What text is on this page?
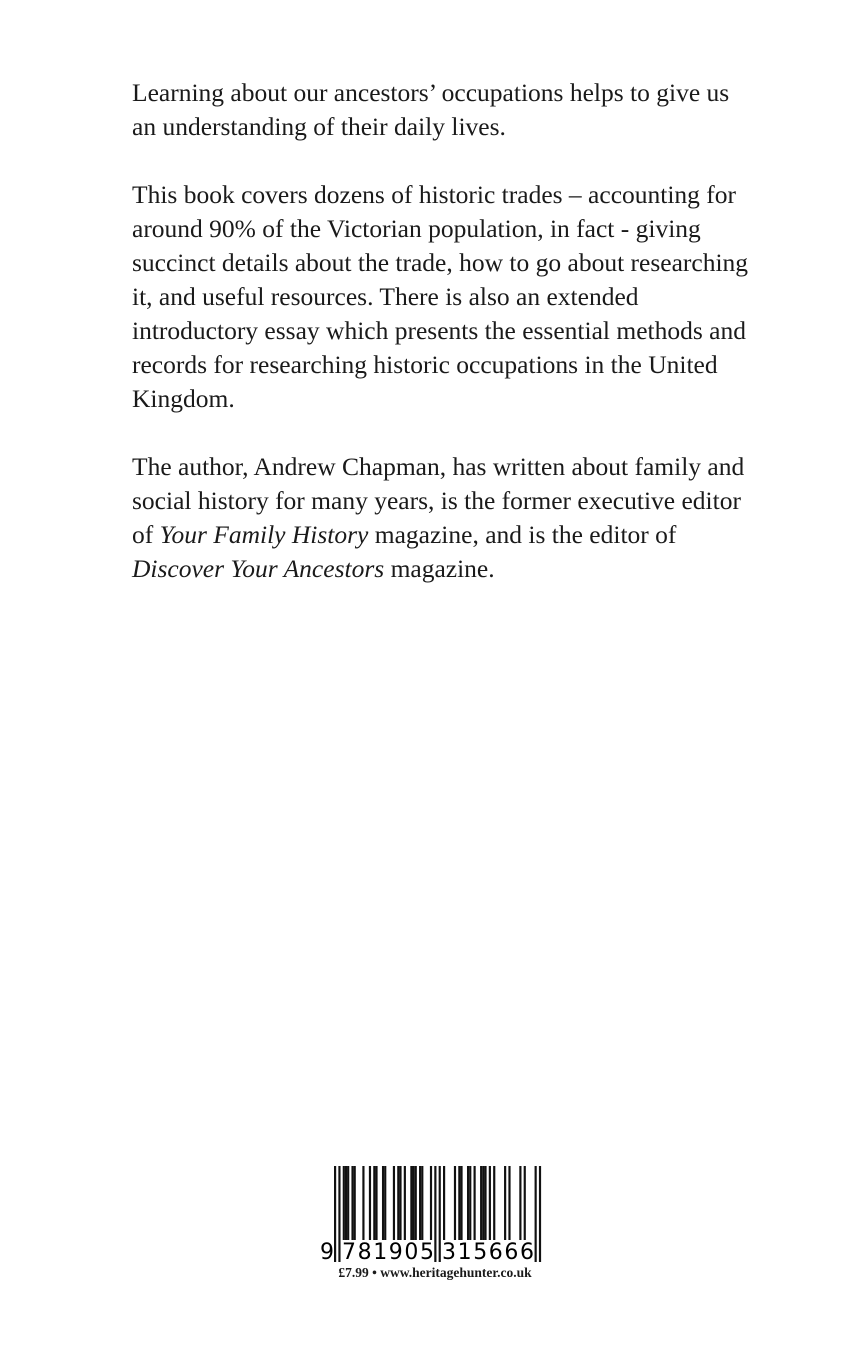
Learning about our ancestors’ occupations helps to give us an understanding of their daily lives.

This book covers dozens of historic trades – accounting for around 90% of the Victorian population, in fact - giving succinct details about the trade, how to go about researching it, and useful resources. There is also an extended introductory essay which presents the essential methods and records for researching historic occupations in the United Kingdom.

The author, Andrew Chapman, has written about family and social history for many years, is the former executive editor of Your Family History magazine, and is the editor of Discover Your Ancestors magazine.

9 781905 315666
£7.99 • www.heritagehunter.co.uk
